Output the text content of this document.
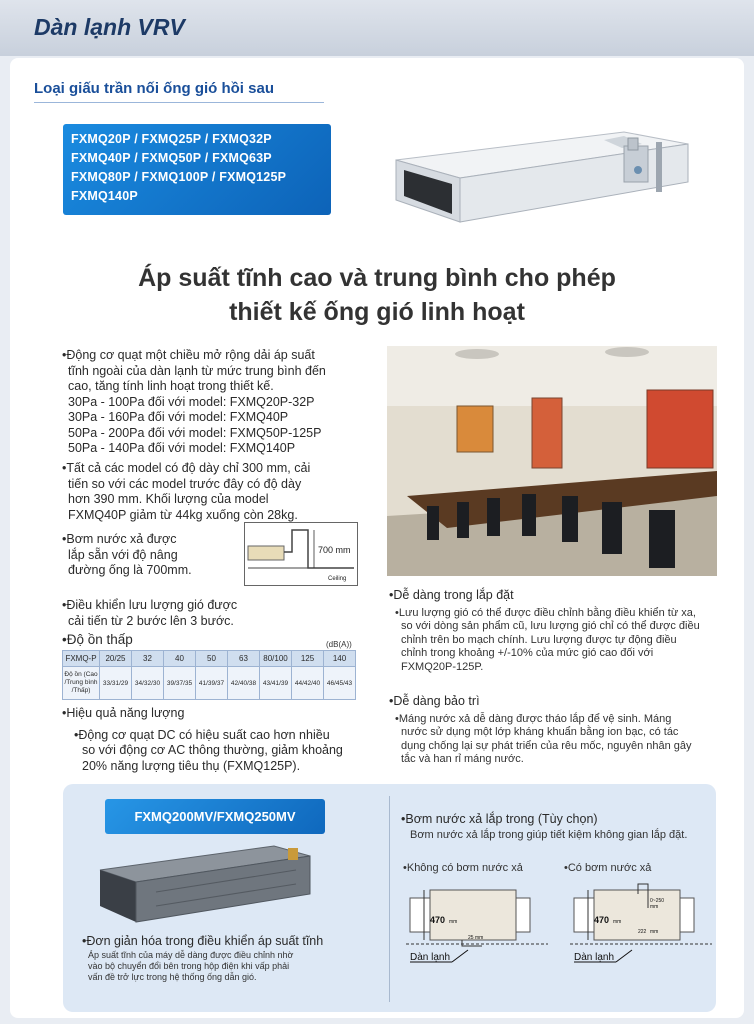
Dàn lạnh VRV
Loại giấu trần nối ống gió hồi sau
FXMQ20P / FXMQ25P / FXMQ32P
FXMQ40P / FXMQ50P / FXMQ63P
FXMQ80P / FXMQ100P / FXMQ125P
FXMQ140P
Áp suất tĩnh cao và trung bình cho phép
thiết kế ống gió linh hoạt
•Động cơ quạt một chiều mở rộng dải áp suất
tĩnh ngoài của dàn lạnh từ mức trung bình đến
cao, tăng tính linh hoạt trong thiết kế.
30Pa - 100Pa đối với model: FXMQ20P-32P
30Pa - 160Pa đối với model: FXMQ40P
50Pa - 200Pa đối với model: FXMQ50P-125P
50Pa - 140Pa đối với model: FXMQ140P
•Tất cả các model có độ dày chỉ 300 mm, cải
tiến so với các model trước đây có độ dày
hơn 390 mm. Khối lượng của model
FXMQ40P giảm từ 44kg xuống còn 28kg.
•Bơm nước xả được
lắp sẵn với độ nâng
đường ống là 700mm.
700 mm
Ceiling
•Điều khiển lưu lượng gió được
cải tiến từ 2 bước lên 3 bước.
•Độ ồn thấp	(dB(A))
FXMQ-P	20/25	32	40	50	63	80/100	125	140

Độ ồn (Cao
/Trung bình
/Thấp)	33/31/29	34/32/30	39/37/35	41/39/37	42/40/38	43/41/39	44/42/40	46/45/43
•Hiệu quả năng lượng
•Động cơ quạt DC có hiệu suất cao hơn nhiều
so với động cơ AC thông thường, giảm khoảng
20% năng lượng tiêu thụ (FXMQ125P).
•Dễ dàng trong lắp đặt
•Lưu lượng gió có thể được điều chỉnh bằng điều khiển từ xa,
so với dòng sản phẩm cũ, lưu lượng gió chỉ có thể được điều
chỉnh trên bo mạch chính. Lưu lượng được tự động điều
chỉnh trong khoảng +/-10% của mức gió cao đối với
FXMQ20P-125P.
•Dễ dàng bảo trì
•Máng nước xả dễ dàng được tháo lắp để vệ sinh. Máng
nước sử dụng một lớp kháng khuẩn bằng ion bạc, có tác
dụng chống lại sự phát triển của rêu mốc, nguyên nhân gây
tắc và han rỉ máng nước.
FXMQ200MV/FXMQ250MV
•Đơn giản hóa trong điều khiển áp suất tĩnh
Áp suất tĩnh của máy dễ dàng được điều chỉnh nhờ
vào bộ chuyển đổi bên trong hộp điện khi vấp phải
vấn đề trở lực trong hệ thống ống dẫn gió.
•Bơm nước xả lắp trong (Tùy chọn)
Bơm nước xả lắp trong giúp tiết kiệm không gian lắp đặt.
•Không có bơm nước xả	•Có bơm nước xả
470 mm
25 mm
Dàn lạnh
470 mm
0~250
mm
222 mm
Dàn lạnh
